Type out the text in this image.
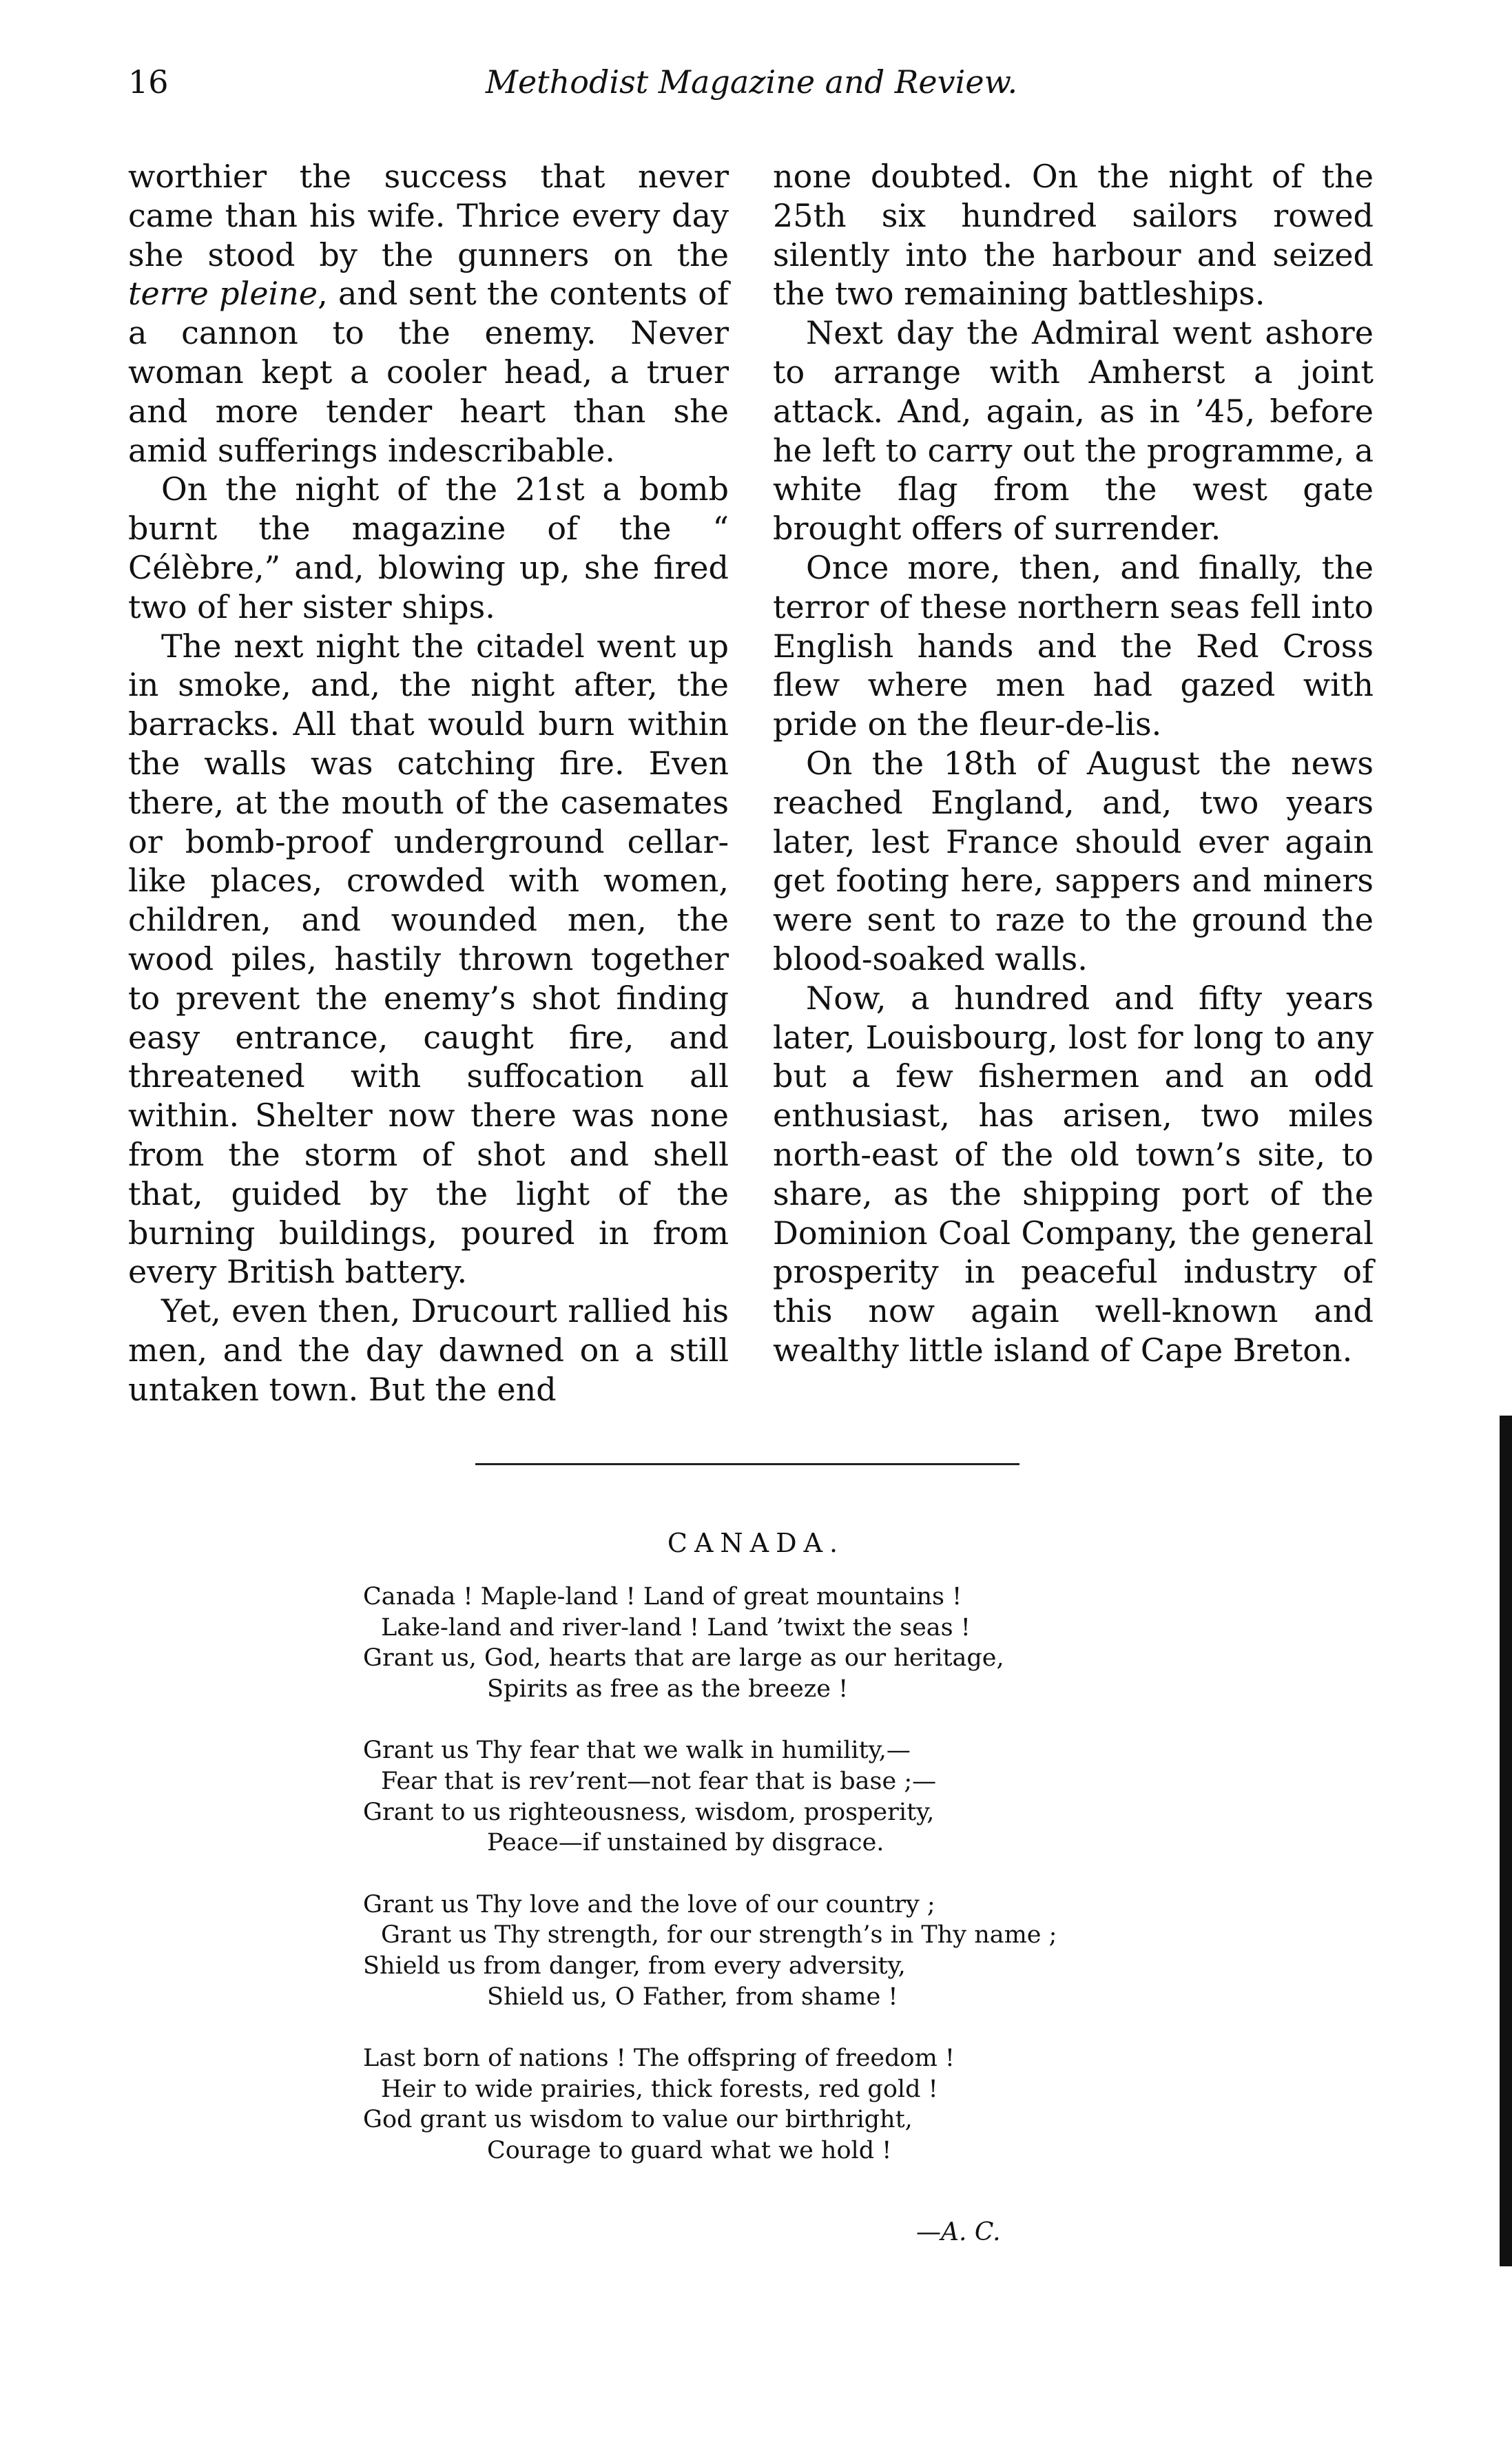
16	Methodist Magazine and Review.

worthier the success that never came than his wife. Thrice every day she stood by the gunners on the terre pleine, and sent the contents of a cannon to the enemy. Never woman kept a cooler head, a truer and more tender heart than she amid sufferings indescribable.

On the night of the 21st a bomb burnt the magazine of the “ Célèbre,” and, blowing up, she fired two of her sister ships.

The next night the citadel went up in smoke, and, the night after, the barracks. All that would burn within the walls was catching fire. Even there, at the mouth of the casemates or bomb-proof underground cellar-like places, crowded with women, children, and wounded men, the wood piles, hastily thrown together to prevent the enemy’s shot finding easy entrance, caught fire, and threatened with suffocation all within. Shelter now there was none from the storm of shot and shell that, guided by the light of the burning buildings, poured in from every British battery.

Yet, even then, Drucourt rallied his men, and the day dawned on a still untaken town. But the end

none doubted. On the night of the 25th six hundred sailors rowed silently into the harbour and seized the two remaining battleships.

Next day the Admiral went ashore to arrange with Amherst a joint attack. And, again, as in ’45, before he left to carry out the programme, a white flag from the west gate brought offers of surrender.

Once more, then, and finally, the terror of these northern seas fell into English hands and the Red Cross flew where men had gazed with pride on the fleur-de-lis.

On the 18th of August the news reached England, and, two years later, lest France should ever again get footing here, sappers and miners were sent to raze to the ground the blood-soaked walls.

Now, a hundred and fifty years later, Louisbourg, lost for long to any but a few fishermen and an odd enthusiast, has arisen, two miles north-east of the old town’s site, to share, as the shipping port of the Dominion Coal Company, the general prosperity in peaceful industry of this now again well-known and wealthy little island of Cape Breton.

CANADA.
Canada ! Maple-land ! Land of great mountains !
Lake-land and river-land ! Land ’twixt the seas !
Grant us, God, hearts that are large as our heritage,
Spirits as free as the breeze !
Grant us Thy fear that we walk in humility,—
Fear that is rev’rent—not fear that is base ;—
Grant to us righteousness, wisdom, prosperity,
Peace—if unstained by disgrace.
Grant us Thy love and the love of our country ;
Grant us Thy strength, for our strength’s in Thy name ;
Shield us from danger, from every adversity,
Shield us, O Father, from shame !
Last born of nations ! The offspring of freedom !
Heir to wide prairies, thick forests, red gold !
God grant us wisdom to value our birthright,
Courage to guard what we hold !
—A. C.
